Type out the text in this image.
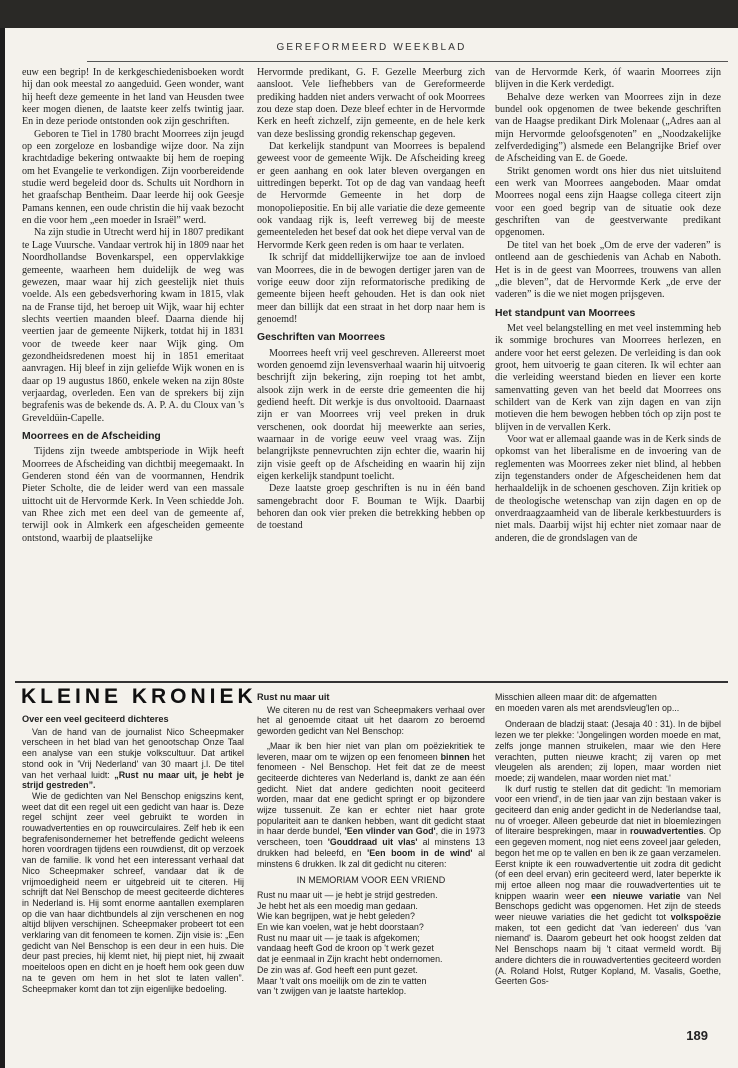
GEREFORMEERD WEEKBLAD

euw een begrip! In de kerkgeschiedenisboeken wordt hij dan ook meestal zo aangeduid. Geen wonder, want hij heeft deze gemeente in het land van Heusden twee keer mogen dienen, de laatste keer zelfs twintig jaar. En in deze periode ontstonden ook zijn geschriften.

Geboren te Tiel in 1780 bracht Moorrees zijn jeugd op een zorgeloze en losbandige wijze door. Na zijn krachtdadige bekering ontwaakte bij hem de roeping om het Evangelie te verkondigen. Zijn voorbereidende studie werd begeleid door ds. Schults uit Nordhorn in het graafschap Bentheim. Daar leerde hij ook Geesje Pamans kennen, een oude christin die hij vaak bezocht en die voor hem „een moeder in Israël” werd.

Na zijn studie in Utrecht werd hij in 1807 predikant te Lage Vuursche. Vandaar vertrok hij in 1809 naar het Noordhollandse Bovenkarspel, een oppervlakkige gemeente, waarheen hem duidelijk de weg was gewezen, maar waar hij zich geestelijk niet thuis voelde. Als een gebedsverhoring kwam in 1815, vlak na de Franse tijd, het beroep uit Wijk, waar hij echter slechts veertien maanden bleef. Daarna diende hij veertien jaar de gemeente Nijkerk, totdat hij in 1831 voor de tweede keer naar Wijk ging. Om gezondheidsredenen moest hij in 1851 emeritaat aanvragen. Hij bleef in zijn geliefde Wijk wonen en is daar op 19 augustus 1860, enkele weken na zijn 80ste verjaardag, overleden. Een van de sprekers bij zijn begrafenis was de bekende ds. A. P. A. du Cloux van 's Greveldüin-Capelle.

Moorrees en de Afscheiding

Tijdens zijn tweede ambtsperiode in Wijk heeft Moorrees de Afscheiding van dichtbij meegemaakt. In Genderen stond één van de voormannen, Hendrik Pieter Scholte, die de leider werd van een massale uittocht uit de Hervormde Kerk. In Veen schiedde Joh. van Rhee zich met een deel van de gemeente af, terwijl ook in Almkerk een afgescheiden gemeente ontstond, waarbij de plaatselijke

Hervormde predikant, G. F. Gezelle Meerburg zich aansloot. Vele liefhebbers van de Gereformeerde prediking hadden niet anders verwacht of ook Moorrees zou deze stap doen. Deze bleef echter in de Hervormde Kerk en heeft zichzelf, zijn gemeente, en de hele kerk van deze beslissing grondig rekenschap gegeven.

Dat kerkelijk standpunt van Moorrees is bepalend geweest voor de gemeente Wijk. De Afscheiding kreeg er geen aanhang en ook later bleven overgangen en uittredingen beperkt. Tot op de dag van vandaag heeft de Hervormde Gemeente in het dorp de monopoliepositie. En bij alle variatie die deze gemeente ook vandaag rijk is, leeft verreweg bij de meeste gemeenteleden het besef dat ook het diepe verval van de Hervormde Kerk geen reden is om haar te verlaten.

Ik schrijf dat middellijkerwijze toe aan de invloed van Moorrees, die in de bewogen dertiger jaren van de vorige eeuw door zijn reformatorische prediking de gemeente bijeen heeft gehouden. Het is dan ook niet meer dan billijk dat een straat in het dorp naar hem is genoemd!

Geschriften van Moorrees

Moorrees heeft vrij veel geschreven. Allereerst moet worden genoemd zijn levensverhaal waarin hij uitvoerig beschrijft zijn bekering, zijn roeping tot het ambt, alsook zijn werk in de eerste drie gemeenten die hij gediend heeft. Dit werkje is dus onvoltooid. Daarnaast zijn er van Moorrees vrij veel preken in druk verschenen, ook doordat hij meewerkte aan series, waarnaar in de vorige eeuw veel vraag was. Zijn belangrijkste pennevruchten zijn echter die, waarin hij zijn visie geeft op de Afscheiding en waarin hij zijn eigen kerkelijk standpunt toelicht.

Deze laatste groep geschriften is nu in één band samengebracht door F. Bouman te Wijk. Daarbij behoren dan ook vier preken die betrekking hebben op de toestand

van de Hervormde Kerk, óf waarin Moorrees zijn blijven in die Kerk verdedigt.

Behalve deze werken van Moorrees zijn in deze bundel ook opgenomen de twee bekende geschriften van de Haagse predikant Dirk Molenaar („Adres aan al mijn Hervormde geloofsgenoten” en „Noodzakelijke zelfverdediging”) alsmede een Belangrijke Brief over de Afscheiding van E. de Goede.

Strikt genomen wordt ons hier dus niet uitsluitend een werk van Moorrees aangeboden. Maar omdat Moorrees nogal eens zijn Haagse collega citeert zijn voor een goed begrip van de situatie ook deze geschriften van de geestverwante predikant opgenomen.

De titel van het boek „Om de erve der vaderen” is ontleend aan de geschiedenis van Achab en Naboth. Het is in de geest van Moorrees, trouwens van allen „die bleven”, dat de Hervormde Kerk „de erve der vaderen” is die we niet mogen prijsgeven.

Het standpunt van Moorrees

Met veel belangstelling en met veel instemming heb ik sommige brochures van Moorrees herlezen, en andere voor het eerst gelezen. De verleiding is dan ook groot, hem uitvoerig te gaan citeren. Ik wil echter aan die verleiding weerstand bieden en liever een korte samenvatting geven van het beeld dat Moorrees ons schildert van de Kerk van zijn dagen en van zijn motieven die hem bewogen hebben tóch op zijn post te blijven in de vervallen Kerk.

Voor wat er allemaal gaande was in de Kerk sinds de opkomst van het liberalisme en de invoering van de reglementen was Moorrees zeker niet blind, al hebben zijn tegenstanders onder de Afgescheidenen hem dat herhaaldelijk in de schoenen geschoven. Zijn kritiek op de theologische wetenschap van zijn dagen en op de onverdraagzaamheid van de liberale kerkbestuurders is niet mals. Daarbij wijst hij echter niet zomaar naar de anderen, die de grondslagen van de

KLEINE KRONIEK
Over een veel geciteerd dichteres

Van de hand van de journalist Nico Scheepmaker verscheen in het blad van het genootschap Onze Taal een analyse van een stukje volkscultuur. Dat artikel stond ook in 'Vrij Nederland' van 30 maart j.l. De titel van het verhaal luidt: „Rust nu maar uit, je hebt je strijd gestreden”.

Wie de gedichten van Nel Benschop enigszins kent, weet dat dit een regel uit een gedicht van haar is. Deze regel schijnt zeer veel gebruikt te worden in rouwadvertenties en op rouwcirculaires. Zelf heb ik een begrafenisondernemer het betreffende gedicht weleens horen voordragen tijdens een rouwdienst, dit op verzoek van de familie. Ik vond het een interessant verhaal dat Nico Scheepmaker schreef, vandaar dat ik de vrijmoedigheid neem er uitgebreid uit te citeren. Hij schrijft dat Nel Benschop de meest geciteerde dichteres in Nederland is. Hij somt enorme aantallen exemplaren op die van haar dichtbundels al zijn verschenen en nog altijd blijven verschijnen. Scheepmaker probeert tot een verklaring van dit fenomeen te komen. Zijn visie is: „Een gedicht van Nel Benschop is een deur in een huis. Die deur past precies, hij klemt niet, hij piept niet, hij zwaait moeiteloos open en dicht en je hoeft hem ook geen duw na te geven om hem in het slot te laten vallen”. Scheepmaker komt dan tot zijn eigenlijke bedoeling.

Rust nu maar uit

We citeren nu de rest van Scheepmakers verhaal over het al genoemde citaat uit het daarom zo beroemd geworden gedicht van Nel Benschop:

„Maar ik ben hier niet van plan om poëziekritiek te leveren, maar om te wijzen op een fenomeen binnen het fenomeen - Nel Benschop. Het feit dat ze de meest geciteerde dichteres van Nederland is, dankt ze aan één gedicht. Niet dat andere gedichten nooit geciteerd worden, maar dat ene gedicht springt er op bijzondere wijze tussenuit. Ze kan er echter niet haar grote populariteit aan te danken hebben, want dit gedicht staat in haar derde bundel, 'Een vlinder van God', die in 1973 verscheen, toen 'Gouddraad uit vlas' al minstens 13 drukken had beleefd, en 'Een boom in de wind' al minstens 6 drukken. Ik zal dit gedicht nu citeren:

IN MEMORIAM VOOR EEN VRIEND
Rust nu maar uit — je hebt je strijd gestreden.
Je hebt het als een moedig man gedaan.
Wie kan begrijpen, wat je hebt geleden?
En wie kan voelen, wat je hebt doorstaan?
Rust nu maar uit — je taak is afgekomen;
vandaag heeft God de kroon op 't werk gezet
dat je eenmaal in Zijn kracht hebt ondernomen.
De zin was af. God heeft een punt gezet.
Maar 't valt ons moeilijk om de zin te vatten
van 't zwijgen van je laatste harteklop.
Misschien alleen maar dit: de afgematten
en moeden varen als met arendsvleug'len op...

Onderaan de bladzij staat: (Jesaja 40 : 31). In de bijbel lezen we ter plekke: 'Jongelingen worden moede en mat, zelfs jonge mannen struikelen, maar wie den Here verachten, putten nieuwe kracht; zij varen op met vleugelen als arenden; zij lopen, maar worden niet moede; zij wandelen, maar worden niet mat.'

Ik durf rustig te stellen dat dit gedicht: 'In memoriam voor een vriend', in de tien jaar van zijn bestaan vaker is geciteerd dan enig ander gedicht in de Nederlandse taal, nu of vroeger. Alleen gebeurde dat niet in bloemlezingen of literaire besprekingen, maar in rouwadvertenties. Op een gegeven moment, nog niet eens zoveel jaar geleden, begon het me op te vallen en ben ik ze gaan verzamelen. Eerst knipte ik een rouwadvertentie uit zodra dit gedicht (of een deel ervan) erin geciteerd werd, later beperkte ik mij ertoe alleen nog maar die rouwadvertenties uit te knippen waarin weer een nieuwe variatie van Nel Benschops gedicht was opgenomen. Het zijn de steeds weer nieuwe variaties die het gedicht tot volkspoëzie maken, tot een gedicht dat 'van iedereen' dus 'van niemand' is. Daarom gebeurt het ook hoogst zelden dat Nel Benschops naam bij 't citaat vermeld wordt. Bij andere dichters die in rouwadvertenties geciteerd worden (A. Roland Holst, Rutger Kopland, M. Vasalis, Goethe, Geerten Gos-

189
